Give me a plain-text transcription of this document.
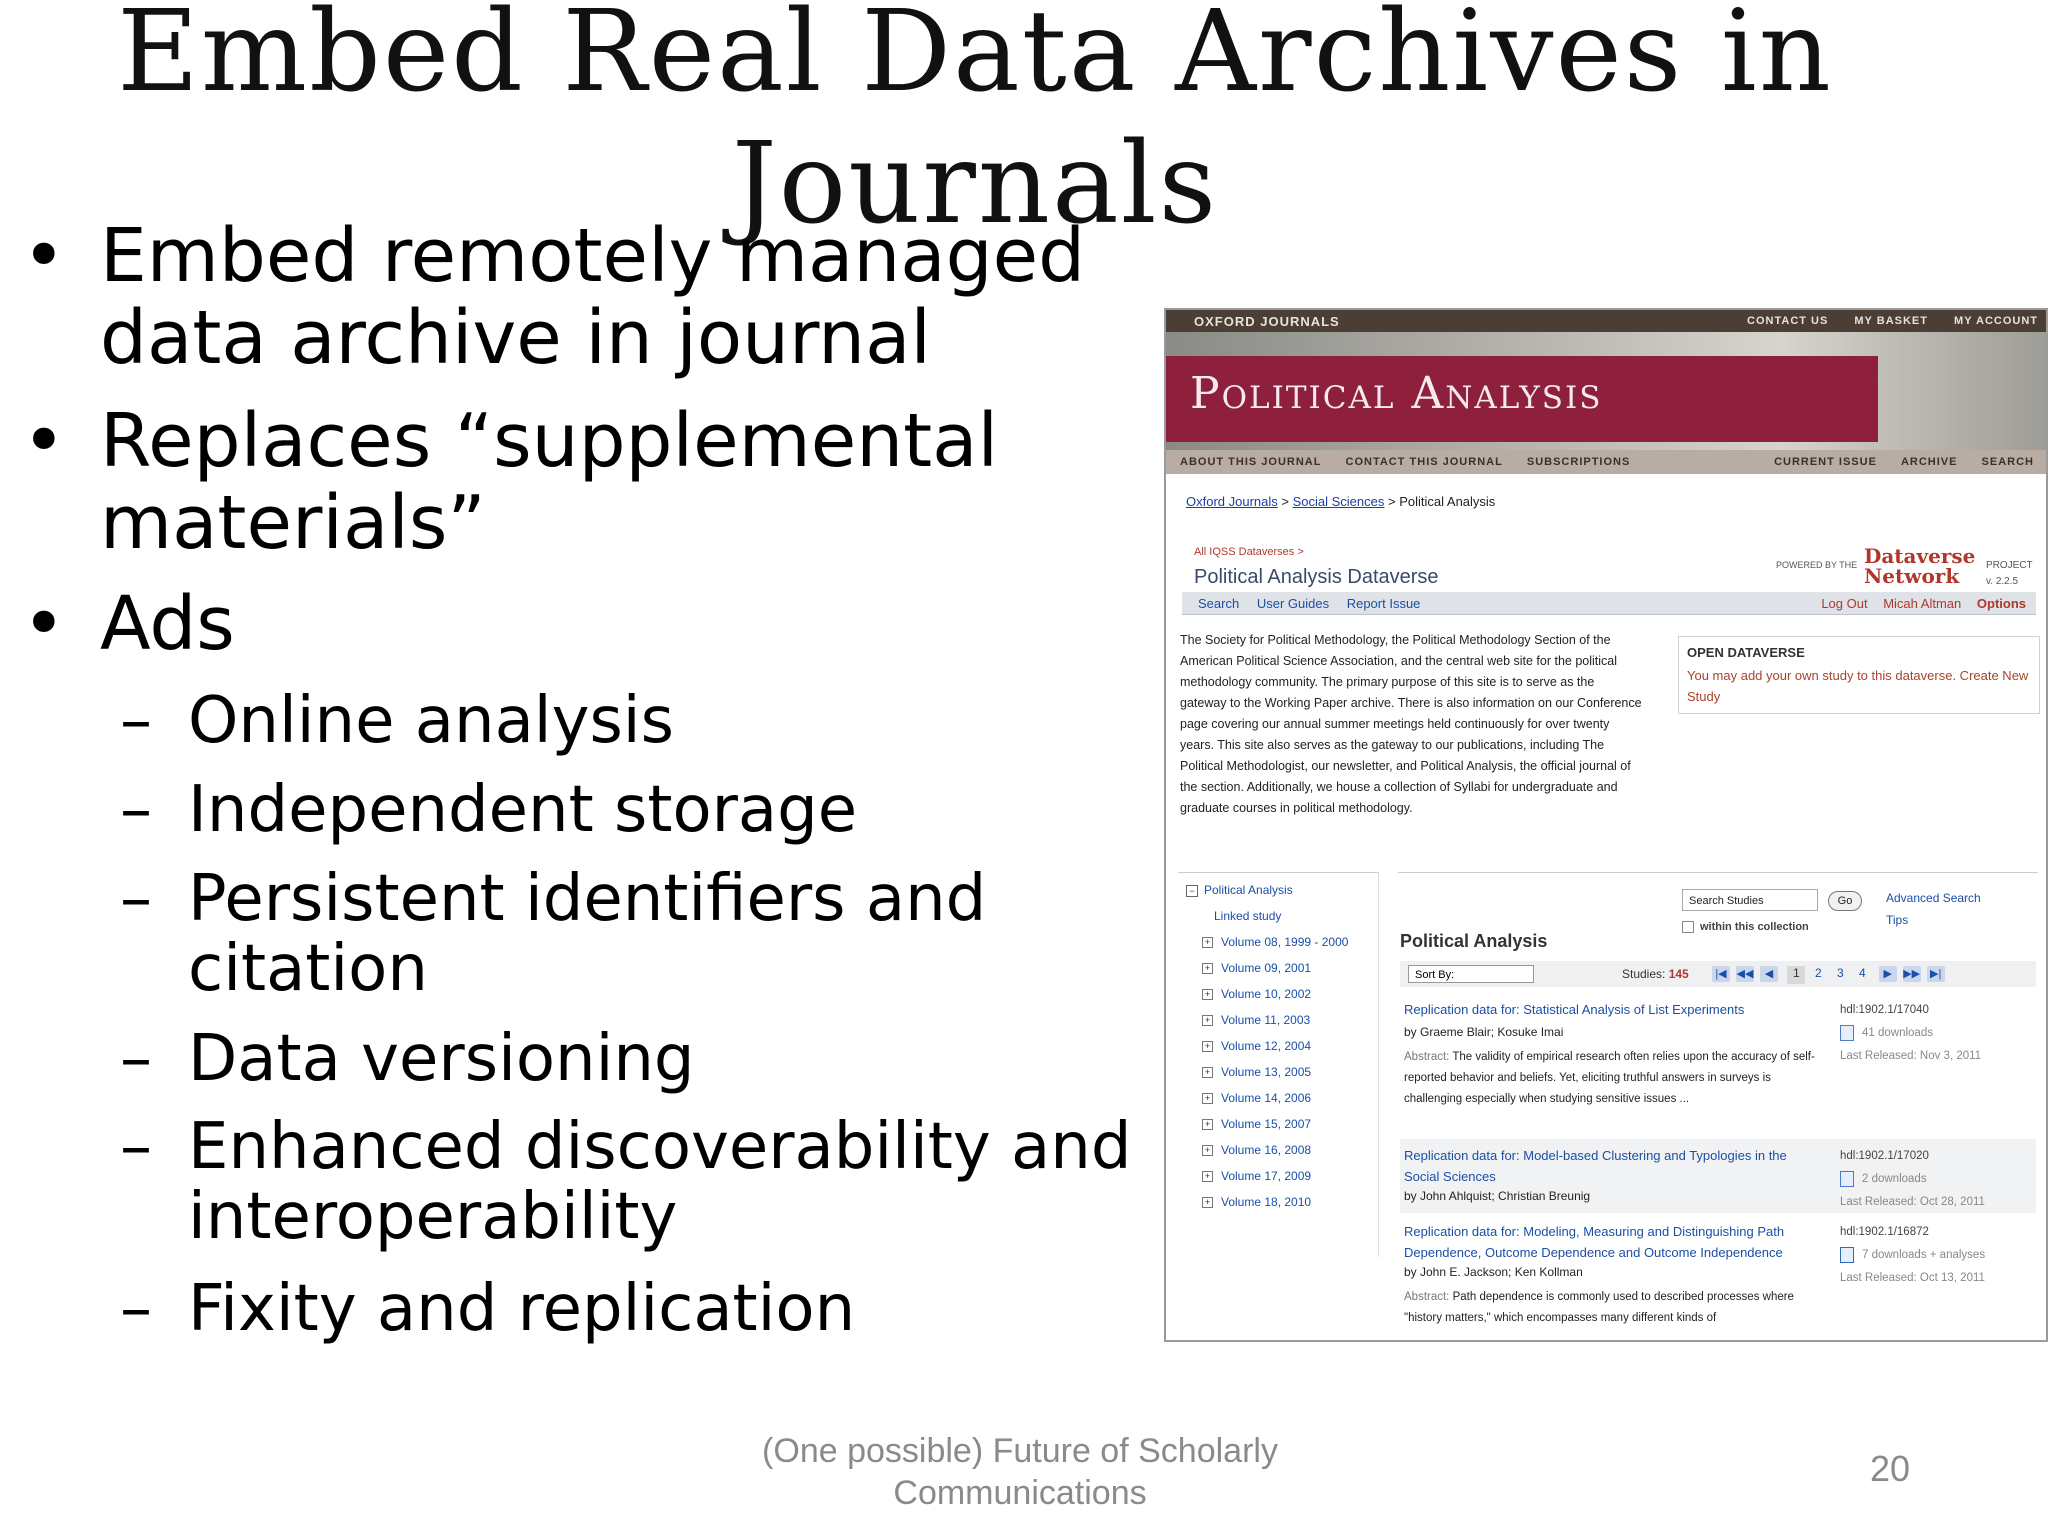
Embed Real Data Archives in Journals
• Embed remotely managed
data archive in journal
• Replaces “supplemental
materials”
• Ads
– Online analysis
– Independent storage
– Persistent identifiers and
citation
– Data versioning
– Enhanced discoverability and
interoperability
– Fixity and replication
OXFORD JOURNALS	CONTACT US MY BASKET MY ACCOUNT
Political Analysis
ABOUT THIS JOURNAL CONTACT THIS JOURNAL SUBSCRIPTIONS	CURRENT ISSUE ARCHIVE SEARCH
Oxford Journals > Social Sciences > Political Analysis
All IQSS Dataverses >
Political Analysis Dataverse
POWERED BY THE Dataverse
Network	PROJECT
v. 2.2.5
Search User Guides Report Issue	Log Out Micah Altman Options
The Society for Political Methodology, the Political Methodology Section of the American Political Science Association, and the central web site for the political methodology community. The primary purpose of this site is to serve as the gateway to the Working Paper archive. There is also information on our Conference page covering our annual summer meetings held continuously for over twenty years. This site also serves as the gateway to our publications, including The Political Methodologist, our newsletter, and Political Analysis, the official journal of the section. Additionally, we house a collection of Syllabi for undergraduate and graduate courses in political methodology.
OPEN DATAVERSE
You may add your own study to this dataverse. Create New Study
− Political Analysis
Linked study
+ Volume 08, 1999 - 2000
+ Volume 09, 2001
+ Volume 10, 2002
+ Volume 11, 2003
+ Volume 12, 2004
+ Volume 13, 2005
+ Volume 14, 2006
+ Volume 15, 2007
+ Volume 16, 2008
+ Volume 17, 2009
+ Volume 18, 2010
Search Studies	Go	Advanced Search
Tips
within this collection
Political Analysis
Sort By:	Studies: 145	|◀ ◀◀ ◀ 1 2 3 4 ▶ ▶▶ ▶|
Replication data for: Statistical Analysis of List Experiments
by Graeme Blair; Kosuke Imai
Abstract: The validity of empirical research often relies upon the accuracy of self-reported behavior and beliefs. Yet, eliciting truthful answers in surveys is challenging especially when studying sensitive issues ...
hdl:1902.1/17040
41 downloads
Last Released: Nov 3, 2011
Replication data for: Model-based Clustering and Typologies in the Social Sciences
by John Ahlquist; Christian Breunig
hdl:1902.1/17020
2 downloads
Last Released: Oct 28, 2011
Replication data for: Modeling, Measuring and Distinguishing Path Dependence, Outcome Dependence and Outcome Independence
by John E. Jackson; Ken Kollman
Abstract: Path dependence is commonly used to described processes where "history matters," which encompasses many different kinds of
hdl:1902.1/16872
7 downloads + analyses
Last Released: Oct 13, 2011
(One possible) Future of Scholarly Communications
20
